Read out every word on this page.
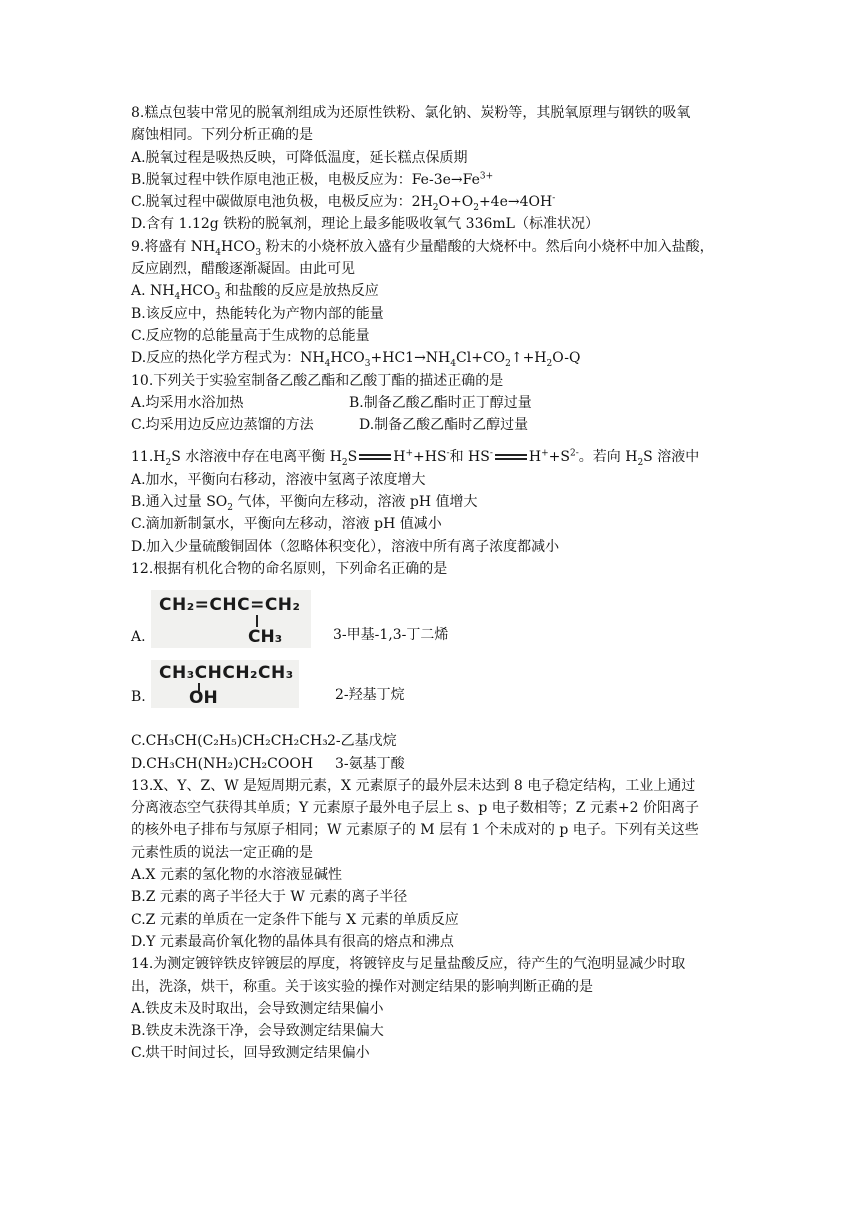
8.糕点包装中常见的脱氧剂组成为还原性铁粉、氯化钠、炭粉等，其脱氧原理与钢铁的吸氧
腐蚀相同。下列分析正确的是
A.脱氧过程是吸热反映，可降低温度，延长糕点保质期
B.脱氧过程中铁作原电池正极，电极反应为：$Fe-3e\to Fe^{3+}$
C.脱氧过程中碳做原电池负极，电极反应为：$2H_2O+O_2+4e\to 4OH^-$
D.含有 1.12g 铁粉的脱氧剂，理论上最多能吸收氧气 336mL（标准状况）
9.将盛有 $NH_4HCO_3$ 粉末的小烧杯放入盛有少量醋酸的大烧杯中。然后向小烧杯中加入盐酸，
反应剧烈，醋酸逐渐凝固。由此可见
A. $NH_4HCO_3$ 和盐酸的反应是放热反应
B.该反应中，热能转化为产物内部的能量
C.反应物的总能量高于生成物的总能量
D.反应的热化学方程式为：$NH_4HCO_3+HC1\to NH_4Cl+CO_2↑+H_2O-Q$
10.下列关于实验室制备乙酸乙酯和乙酸丁酯的描述正确的是
A.均采用水浴加热	B.制备乙酸乙酯时正丁醇过量
C.均采用边反应边蒸馏的方法	D.制备乙酸乙酯时乙醇过量
$11.H_2S$ 水溶液中存在电离平衡 $H_2S$	H++HS-和 HS-	$H^++S^{2-}$。若向 $H_2S$ 溶液中
A.加水，平衡向右移动，溶液中氢离子浓度增大
B.通入过量 $SO_2$ 气体，平衡向左移动，溶液 pH 值增大
C.滴加新制氯水，平衡向左移动，溶液 pH 值减小
D.加入少量硫酸铜固体（忽略体积变化），溶液中所有离子浓度都减小
12.根据有机化合物的命名原则，下列命名正确的是
A.
CH₂=CHC=CH₂
CH₃	3-甲基-1,3-丁二烯
B.
CH₃CHCH₂CH₃
OH	2-羟基丁烷
C.CH₃CH(C₂H₅)CH₂CH₂CH₃ 2-乙基戊烷
D.CH₃CH(NH₂)CH₂COOH	3-氨基丁酸
13.X、Y、Z、W 是短周期元素，X 元素原子的最外层未达到 8 电子稳定结构，工业上通过
分离液态空气获得其单质；Y 元素原子最外电子层上 s、p 电子数相等；Z 元素+2 价阳离子
的核外电子排布与氖原子相同；W 元素原子的 M 层有 1 个未成对的 p 电子。下列有关这些
元素性质的说法一定正确的是
A.X 元素的氢化物的水溶液显碱性
B.Z 元素的离子半径大于 W 元素的离子半径
C.Z 元素的单质在一定条件下能与 X 元素的单质反应
D.Y 元素最高价氧化物的晶体具有很高的熔点和沸点
14.为测定镀锌铁皮锌镀层的厚度，将镀锌皮与足量盐酸反应，待产生的气泡明显减少时取
出，洗涤，烘干，称重。关于该实验的操作对测定结果的影响判断正确的是
A.铁皮未及时取出，会导致测定结果偏小
B.铁皮未洗涤干净，会导致测定结果偏大
C.烘干时间过长，回导致测定结果偏小
